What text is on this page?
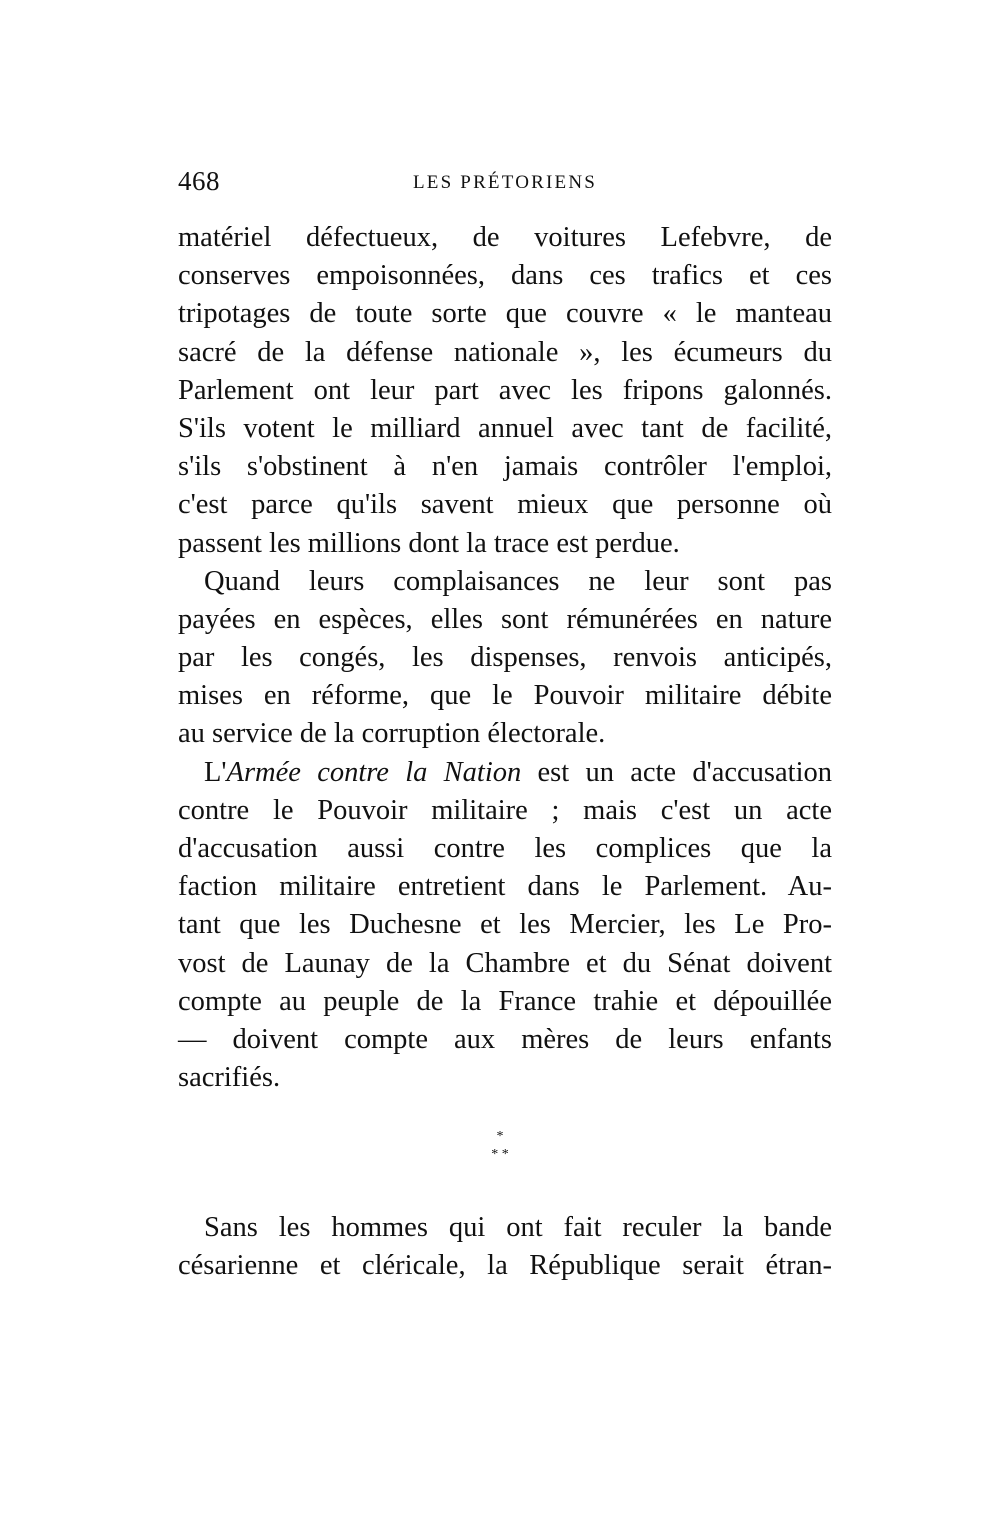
468	LES PRÉTORIENS
matériel défectueux, de voitures Lefebvre, de
conserves empoisonnées, dans ces trafics et ces
tripotages de toute sorte que couvre « le manteau
sacré de la défense nationale », les écumeurs du
Parlement ont leur part avec les fripons galonnés.
S'ils votent le milliard annuel avec tant de facilité,
s'ils s'obstinent à n'en jamais contrôler l'emploi,
c'est parce qu'ils savent mieux que personne où
passent les millions dont la trace est perdue.
Quand leurs complaisances ne leur sont pas
payées en espèces, elles sont rémunérées en nature
par les congés, les dispenses, renvois anticipés,
mises en réforme, que le Pouvoir militaire débite
au service de la corruption électorale.
L'Armée contre la Nation est un acte d'accusation
contre le Pouvoir militaire ; mais c'est un acte
d'accusation aussi contre les complices que la
faction militaire entretient dans le Parlement. Au-
tant que les Duchesne et les Mercier, les Le Pro-
vost de Launay de la Chambre et du Sénat doivent
compte au peuple de la France trahie et dépouillée
— doivent compte aux mères de leurs enfants
sacrifiés.
*
* *
Sans les hommes qui ont fait reculer la bande
césarienne et cléricale, la République serait étran-
